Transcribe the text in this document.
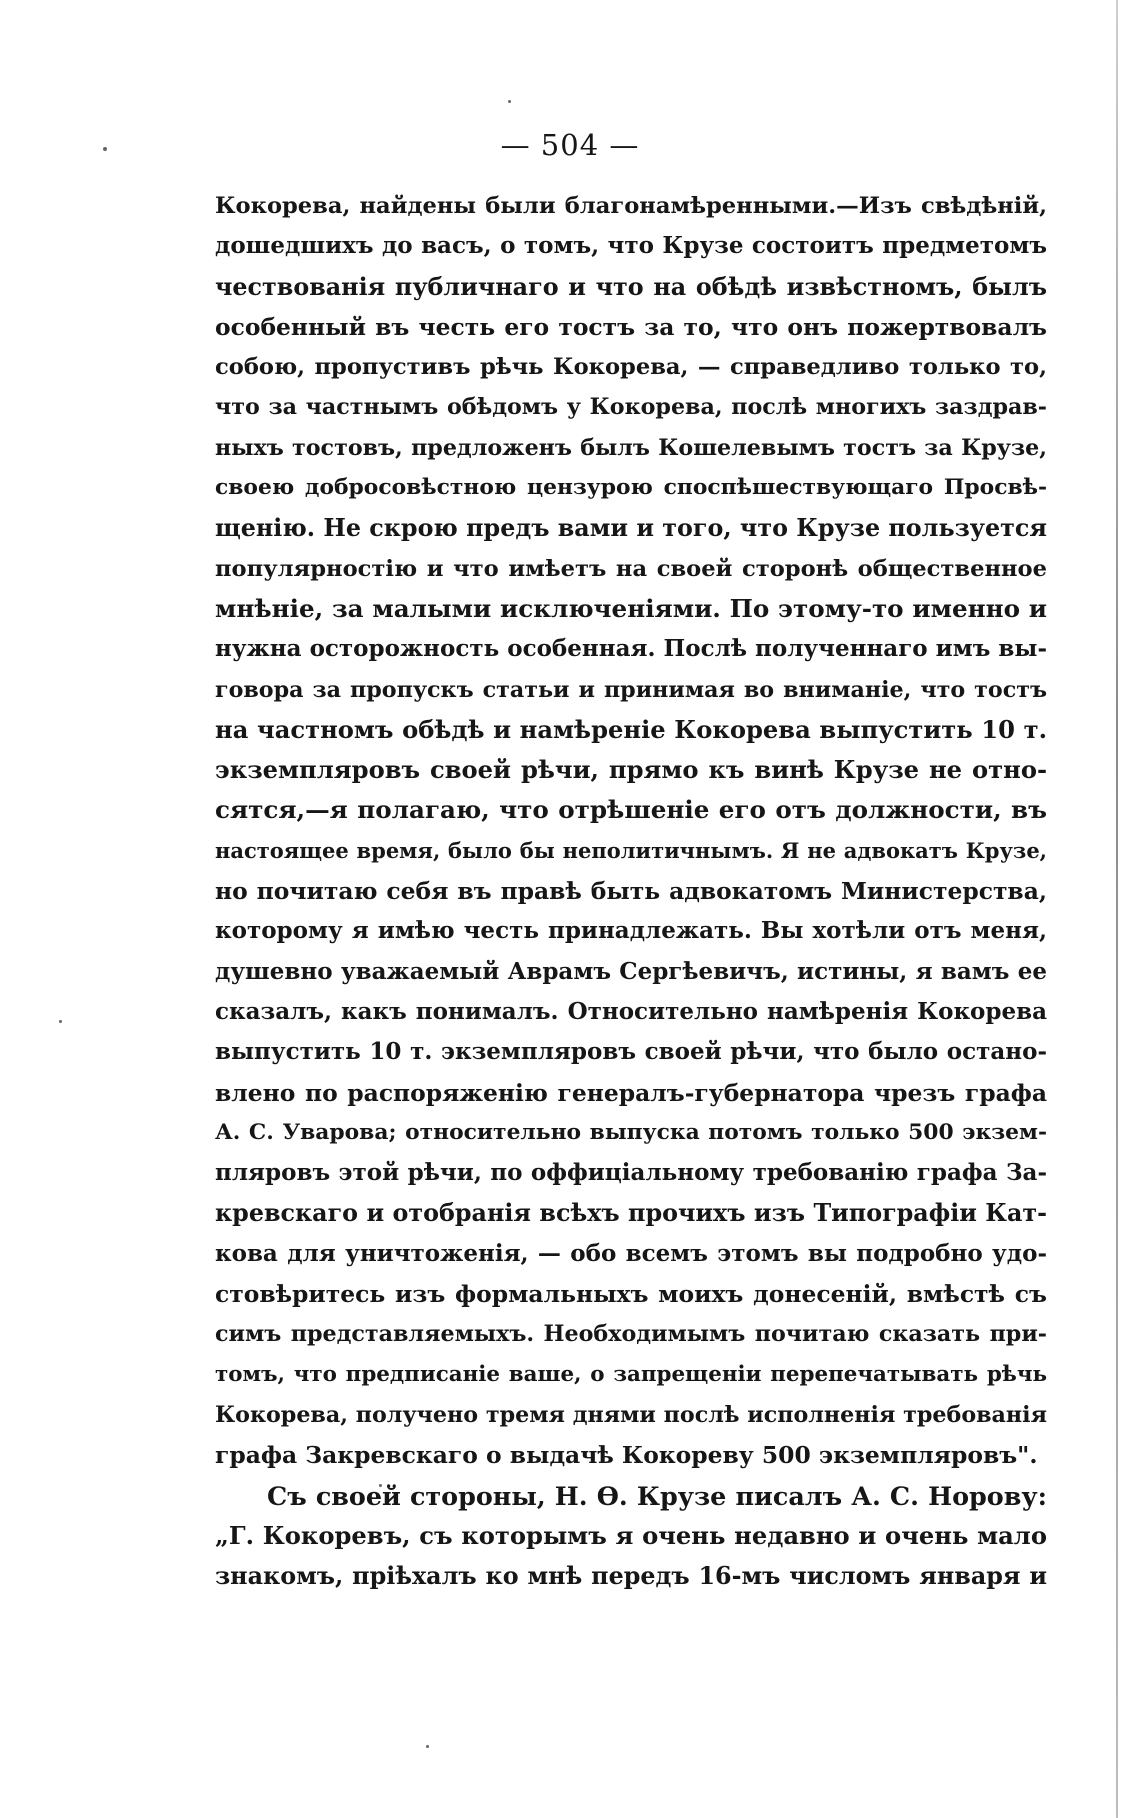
— 504 —
Кокорева, найдены были благонамѣренными.—Изъ свѣдѣній,
дошедшихъ до васъ, о томъ, что Крузе состоитъ предметомъ
чествованія публичнаго и что на обѣдѣ извѣстномъ, былъ
особенный въ честь его тостъ за то, что онъ пожертвовалъ
собою, пропустивъ рѣчь Кокорева, — справедливо только то,
что за частнымъ обѣдомъ у Кокорева, послѣ многихъ заздрав-
ныхъ тостовъ, предложенъ былъ Кошелевымъ тостъ за Крузе,
своею добросовѣстною цензурою споспѣшествующаго Просвѣ-
щенію. Не скрою предъ вами и того, что Крузе пользуется
популярностію и что имѣетъ на своей сторонѣ общественное
мнѣніе, за малыми исключеніями. По этому-то именно и
нужна осторожность особенная. Послѣ полученнаго имъ вы-
говора за пропускъ статьи и принимая во вниманіе, что тостъ
на частномъ обѣдѣ и намѣреніе Кокорева выпустить 10 т.
экземпляровъ своей рѣчи, прямо къ винѣ Крузе не отно-
сятся,—я полагаю, что отрѣшеніе его отъ должности, въ
настоящее время, было бы неполитичнымъ. Я не адвокатъ Крузе,
но почитаю себя въ правѣ быть адвокатомъ Министерства,
которому я имѣю честь принадлежать. Вы хотѣли отъ меня,
душевно уважаемый Аврамъ Сергѣевичъ, истины, я вамъ ее
сказалъ, какъ понималъ. Относительно намѣренія Кокорева
выпустить 10 т. экземпляровъ своей рѣчи, что было остано-
влено по распоряженію генералъ-губернатора чрезъ графа
А. С. Уварова; относительно выпуска потомъ только 500 экзем-
пляровъ этой рѣчи, по оффиціальному требованію графа За-
кревскаго и отобранія всѣхъ прочихъ изъ Типографіи Кат-
кова для уничтоженія, — обо всемъ этомъ вы подробно удо-
стовѣритесь изъ формальныхъ моихъ донесеній, вмѣстѣ съ
симъ представляемыхъ. Необходимымъ почитаю сказать при-
томъ, что предписаніе ваше, о запрещеніи перепечатывать рѣчь
Кокорева, получено тремя днями послѣ исполненія требованія
графа Закревскаго о выдачѣ Кокореву 500 экземпляровъ".
Съ своей стороны, Н. Ѳ. Крузе писалъ А. С. Норову:
„Г. Кокоревъ, съ которымъ я очень недавно и очень мало
знакомъ, пріѣхалъ ко мнѣ передъ 16-мъ числомъ января и
